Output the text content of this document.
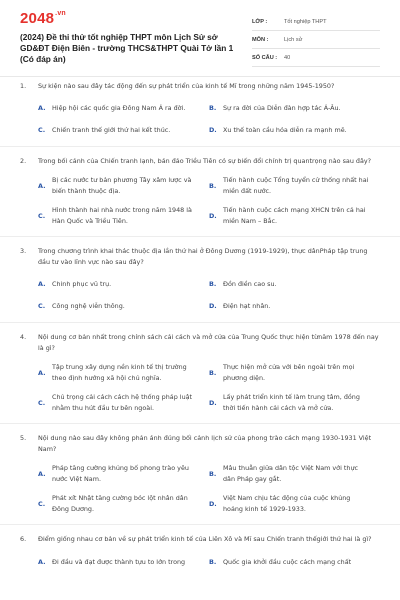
$2048^{.vn}$
(2024) Đề thi thử tốt nghiệp THPT môn Lịch Sử sở GD&ĐT Điện Biên - trường THCS&THPT Quài Tở lần 1 (Có đáp án)
LỚP :	Tốt nghiệp THPT
MÔN :	Lịch sử
SỐ CÂU :	40
1.	Sự kiện nào sau đây tác động đến sự phát triển của kinh tế Mĩ trong những năm 1945-1950?
A.	Hiệp hội các quốc gia Đông Nam Á ra đời.	B.	Sự ra đời của Diễn đàn hợp tác Á-Âu.
C.	Chiến tranh thế giới thứ hai kết thúc.	D. Xu thế toàn cầu hóa diễn ra mạnh mẽ.
2.	Trong bối cảnh của Chiến tranh lạnh, bán đảo Triều Tiên có sự biến đổi chính trị quantrọng nào sau đây?
A.
Bị các nước tư bản phương Tây xâm lược và biến thành thuộc địa.
B.
Tiến hành cuộc Tổng tuyển cử thống nhất hai miền đất nước.
C.
Hình thành hai nhà nước trong năm 1948 là Hàn Quốc và Triều Tiên.
D.
Tiến hành cuộc cách mạng XHCN trên cả hai miền Nam – Bắc.
3.	Trong chương trình khai thác thuộc địa lần thứ hai ở Đông Dương (1919-1929), thực dânPháp tập trung đầu tư vào lĩnh vực nào sau đây?
A.	Chinh phục vũ trụ.	B.	Đồn điền cao su.
C.	Công nghệ viễn thông.	D. Điện hạt nhân.
4.	Nội dung cơ bản nhất trong chính sách cải cách và mở cửa của Trung Quốc thực hiện từnăm 1978 đến nay là gì?
A.
Tập trung xây dựng nền kinh tế thị trường theo định hướng xã hội chủ nghĩa.
B.
Thực hiện mở cửa với bên ngoài trên mọi phương diện.
C.
Chủ trọng cải cách cách hệ thống pháp luật nhằm thu hút đầu tư bên ngoài.
D.
Lấy phát triển kinh tế làm trung tâm, đồng thời tiến hành cải cách và mở cửa.
5.	Nội dung nào sau đây không phản ánh đúng bối cảnh lịch sử của phong trào cách mạng 1930-1931 Việt Nam?
A.
Pháp tăng cường khủng bố phong trào yêu nước Việt Nam.
B.
Mâu thuẫn giữa dân tộc Việt Nam với thực dân Pháp gay gắt.
C.
Phát xít Nhật tăng cường bóc lột nhân dân Đông Dương.
D.
Việt Nam chịu tác động của cuộc khủng hoảng kinh tế 1929-1933.
6.	Điểm giống nhau cơ bản về sự phát triển kinh tế của Liên Xô và Mĩ sau Chiến tranh thếgiới thứ hai là gì?
A.	Đi đầu và đạt được thành tựu to lớn trong	B.	Quốc gia khởi đầu cuộc cách mạng chất
